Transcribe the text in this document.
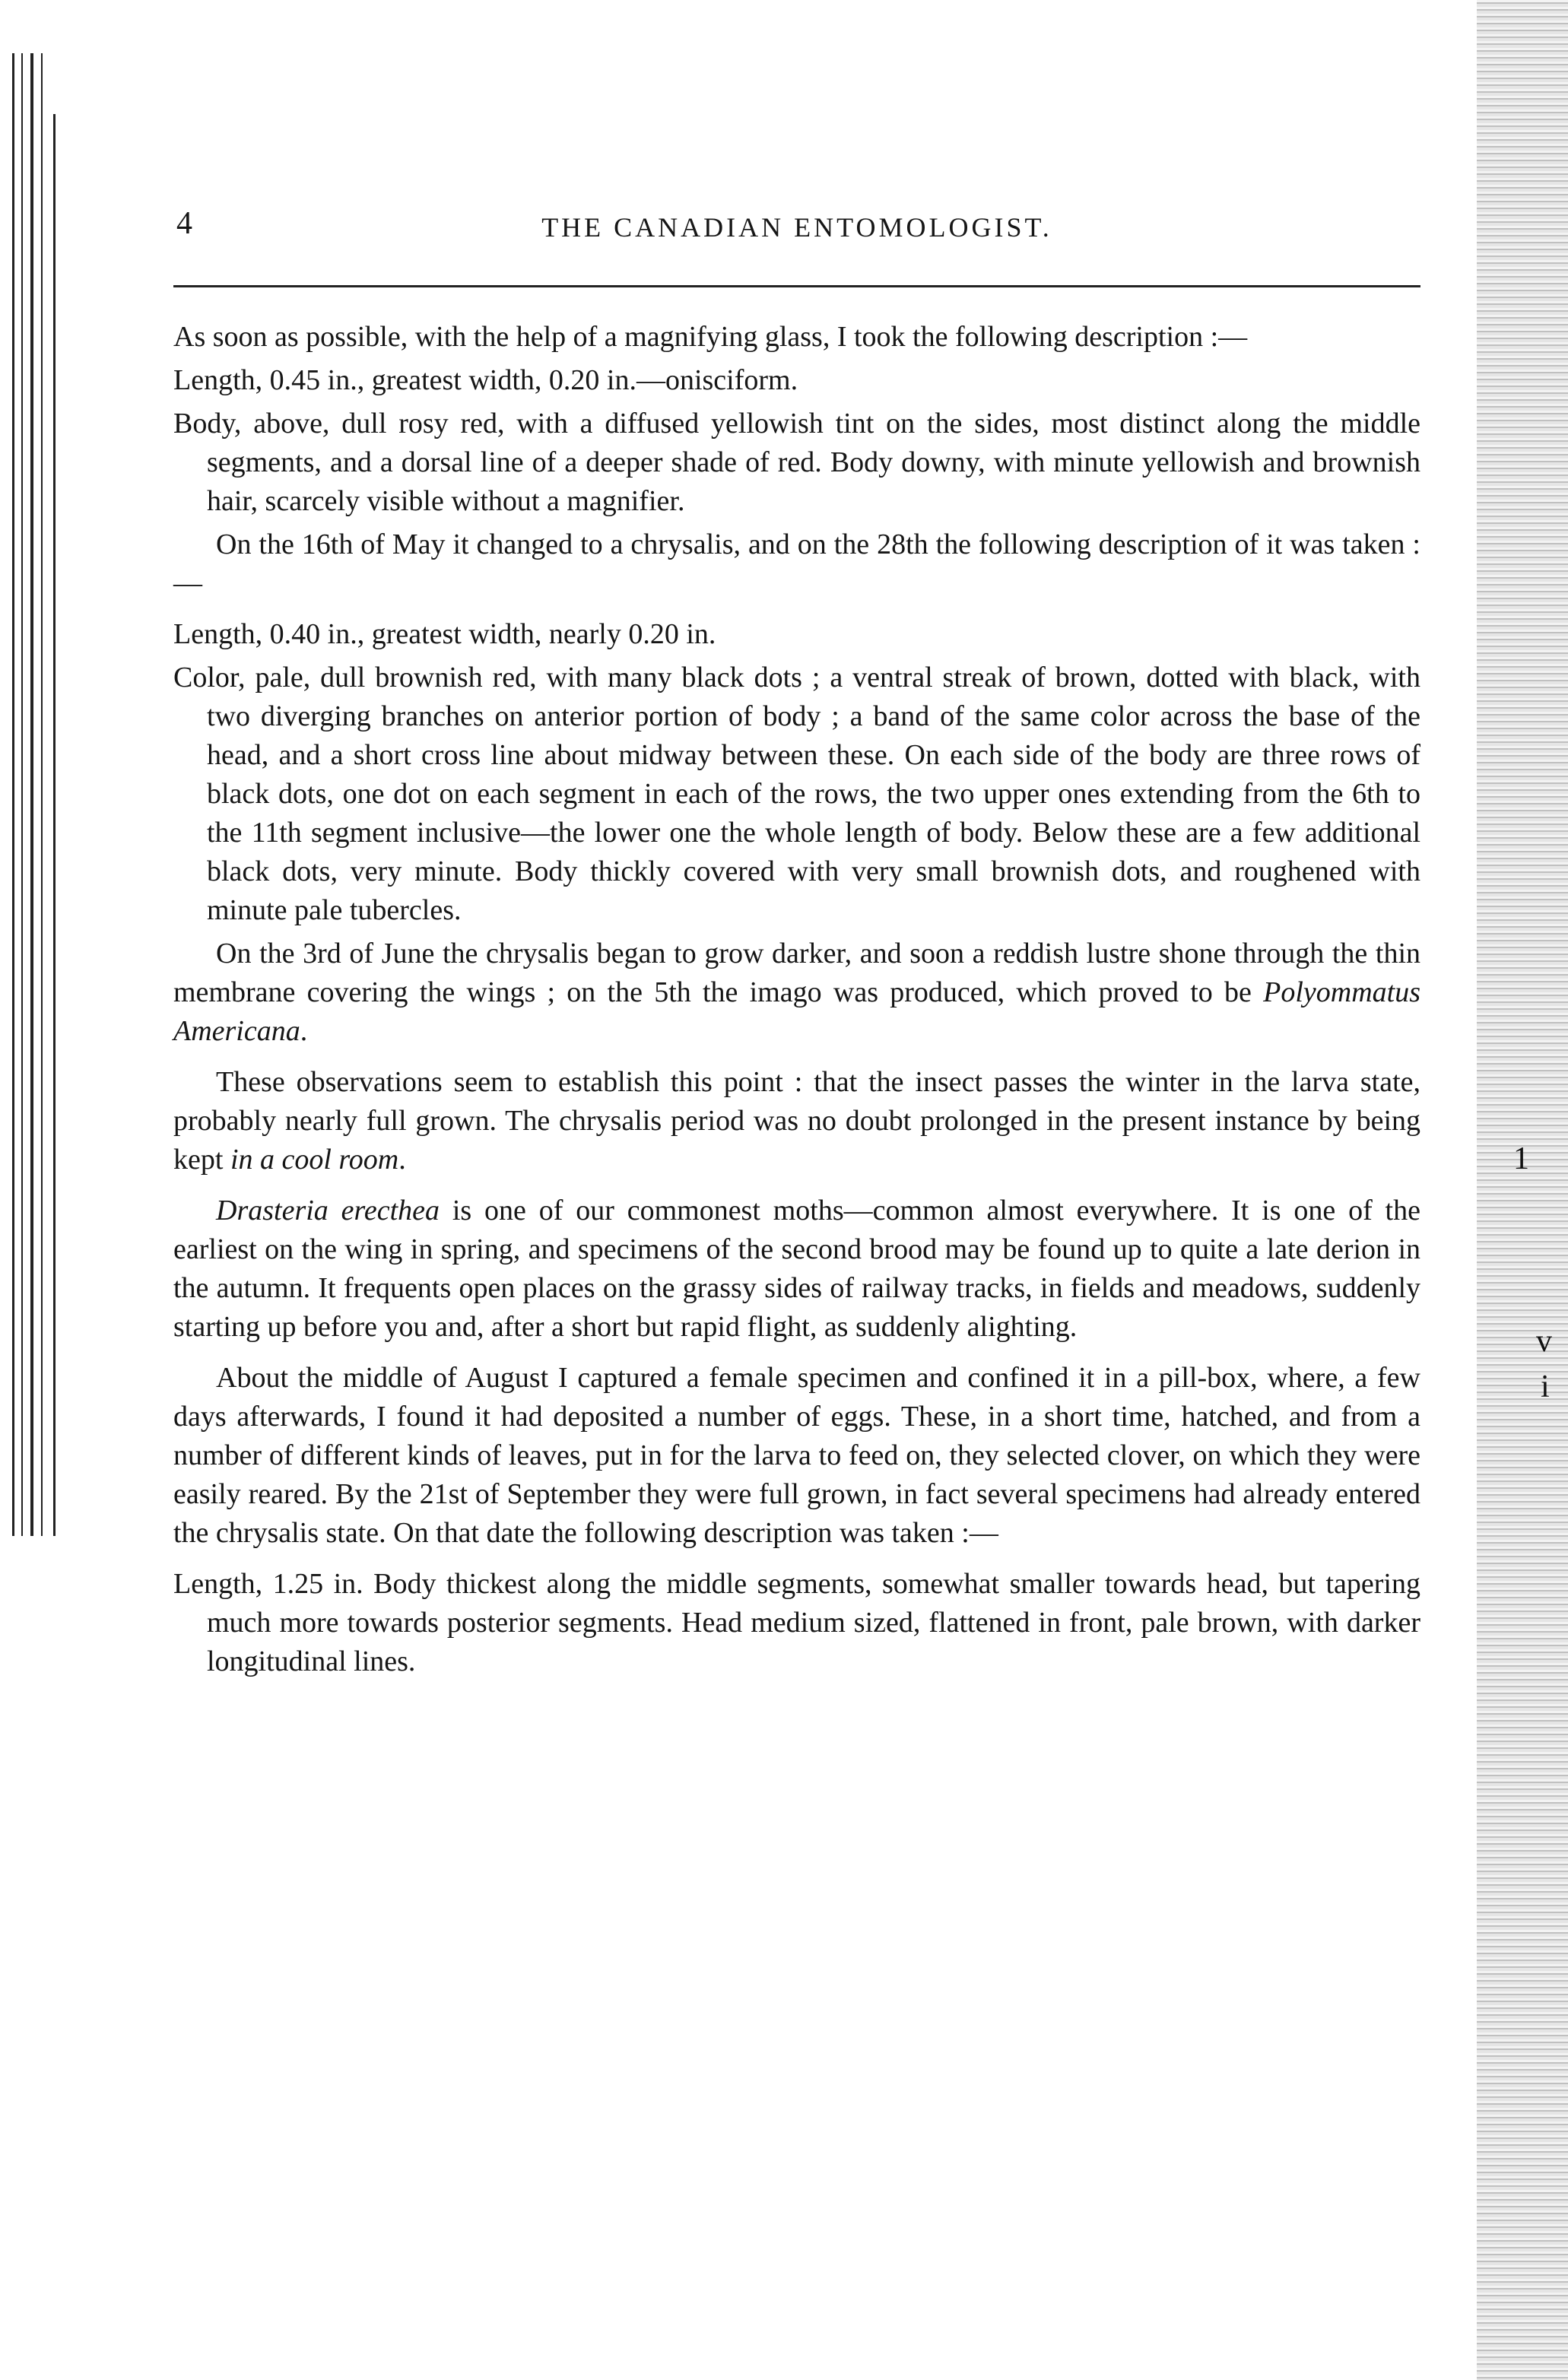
1
v
i
4	THE CANADIAN ENTOMOLOGIST.

As soon as possible, with the help of a magnifying glass, I took the following description :—

Length, 0.45 in., greatest width, 0.20 in.—onisciform.

Body, above, dull rosy red, with a diffused yellowish tint on the sides, most distinct along the middle segments, and a dorsal line of a deeper shade of red. Body downy, with minute yellowish and brownish hair, scarcely visible without a magnifier.

On the 16th of May it changed to a chrysalis, and on the 28th the following description of it was taken :—

Length, 0.40 in., greatest width, nearly 0.20 in.

Color, pale, dull brownish red, with many black dots ; a ventral streak of brown, dotted with black, with two diverging branches on anterior portion of body ; a band of the same color across the base of the head, and a short cross line about midway between these. On each side of the body are three rows of black dots, one dot on each segment in each of the rows, the two upper ones extending from the 6th to the 11th segment inclusive—the lower one the whole length of body. Below these are a few additional black dots, very minute. Body thickly covered with very small brownish dots, and roughened with minute pale tubercles.

On the 3rd of June the chrysalis began to grow darker, and soon a reddish lustre shone through the thin membrane covering the wings ; on the 5th the imago was produced, which proved to be Polyommatus Americana.

These observations seem to establish this point : that the insect passes the winter in the larva state, probably nearly full grown. The chrysalis period was no doubt prolonged in the present instance by being kept in a cool room.

Drasteria erecthea is one of our commonest moths—common almost everywhere. It is one of the earliest on the wing in spring, and specimens of the second brood may be found up to quite a late derion in the autumn. It frequents open places on the grassy sides of railway tracks, in fields and meadows, suddenly starting up before you and, after a short but rapid flight, as suddenly alighting.

About the middle of August I captured a female specimen and confined it in a pill-box, where, a few days afterwards, I found it had deposited a number of eggs. These, in a short time, hatched, and from a number of different kinds of leaves, put in for the larva to feed on, they selected clover, on which they were easily reared. By the 21st of September they were full grown, in fact several specimens had already entered the chrysalis state. On that date the following description was taken :—

Length, 1.25 in. Body thickest along the middle segments, somewhat smaller towards head, but tapering much more towards posterior segments. Head medium sized, flattened in front, pale brown, with darker longitudinal lines.
